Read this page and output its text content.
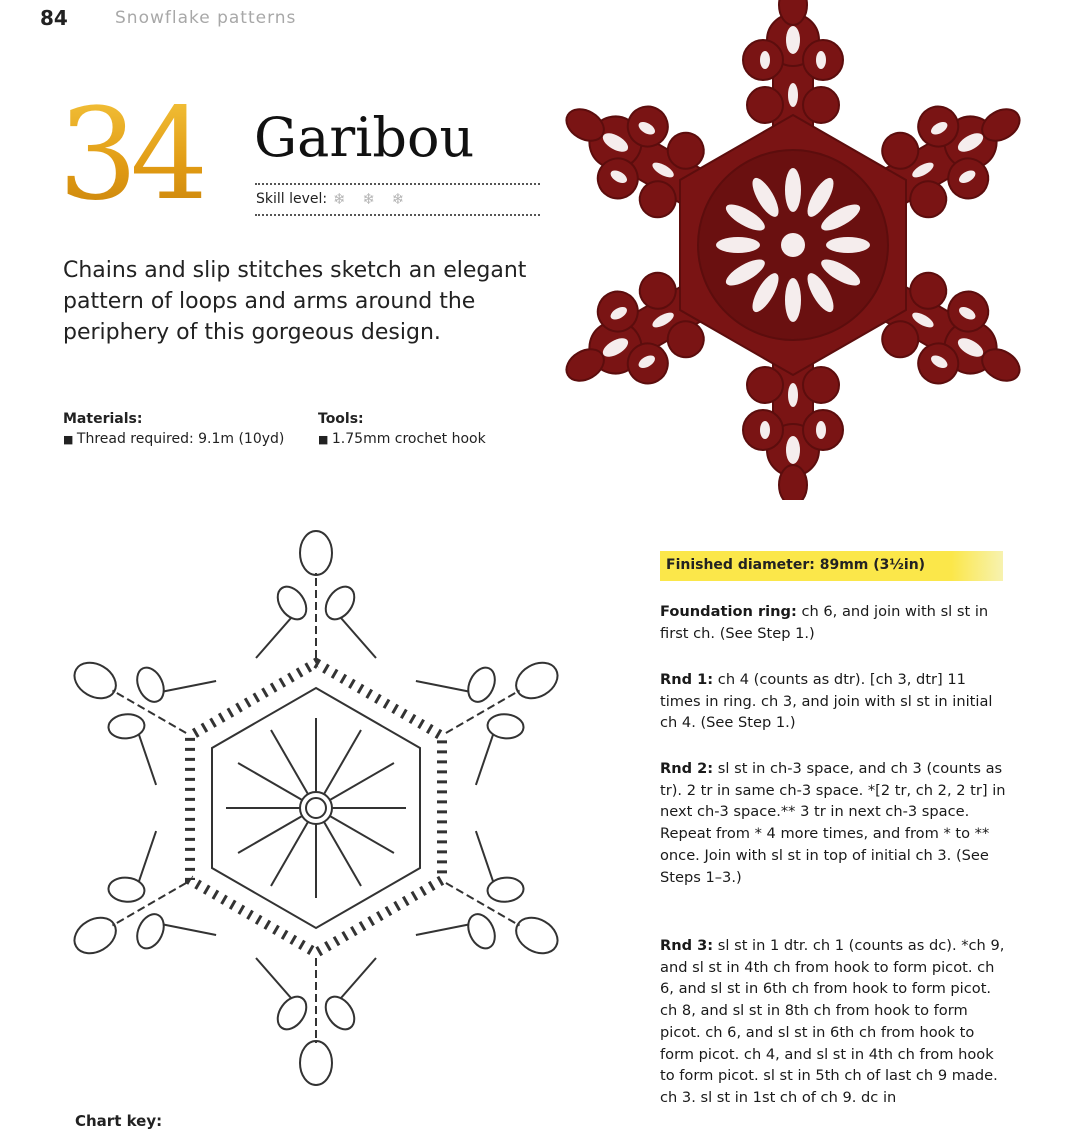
84	Snowflake patterns
34 Garibou
Skill level: ❄ ❄ ❄
Chains and slip stitches sketch an elegant pattern of loops and arms around the periphery of this gorgeous design.
Materials:
■ Thread required: 9.1m (10yd)
Tools:
■ 1.75mm crochet hook
Finished diameter: 89mm (3½in)
Foundation ring: ch 6, and join with sl st in first ch. (See Step 1.)
Rnd 1: ch 4 (counts as dtr). [ch 3, dtr] 11 times in ring. ch 3, and join with sl st in initial ch 4. (See Step 1.)
Rnd 2: sl st in ch-3 space, and ch 3 (counts as tr). 2 tr in same ch-3 space. *[2 tr, ch 2, 2 tr] in next ch-3 space.** 3 tr in next ch-3 space. Repeat from * 4 more times, and from * to ** once. Join with sl st in top of initial ch 3. (See Steps 1–3.)
Rnd 3: sl st in 1 dtr. ch 1 (counts as dc). *ch 9, and sl st in 4th ch from hook to form picot. ch 6, and sl st in 6th ch from hook to form picot. ch 8, and sl st in 8th ch from hook to form picot. ch 6, and sl st in 6th ch from hook to form picot. ch 4, and sl st in 4th ch from hook to form picot. sl st in 5th ch of last ch 9 made. ch 3. sl st in 1st ch of ch 9. dc in
Chart key:
